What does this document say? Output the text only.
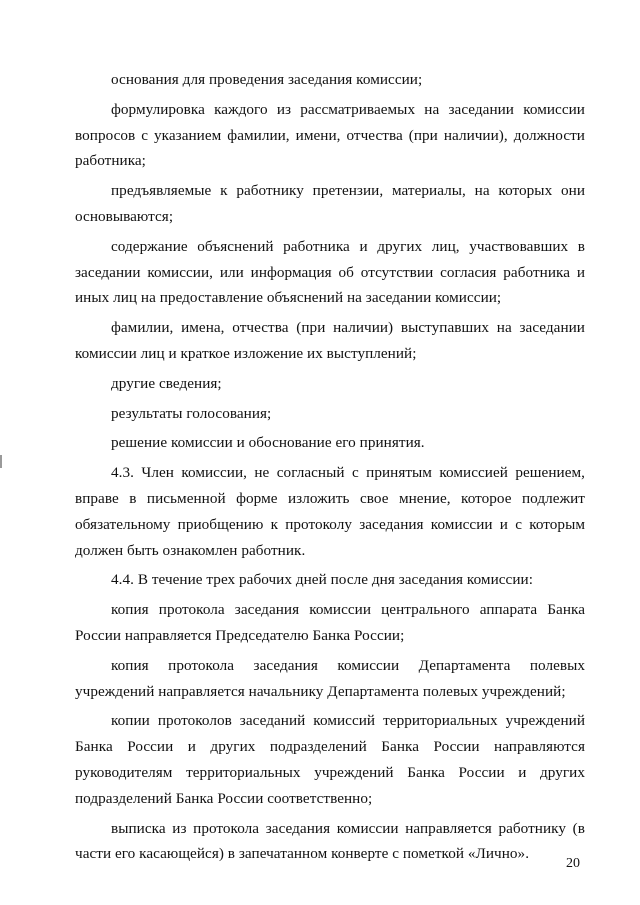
основания для проведения заседания комиссии;

формулировка каждого из рассматриваемых на заседании комиссии вопросов с указанием фамилии, имени, отчества (при наличии), должности работника;

предъявляемые к работнику претензии, материалы, на которых они основываются;

содержание объяснений работника и других лиц, участвовавших в заседании комиссии, или информация об отсутствии согласия работника и иных лиц на предоставление объяснений на заседании комиссии;

фамилии, имена, отчества (при наличии) выступавших на заседании комиссии лиц и краткое изложение их выступлений;

другие сведения;

результаты голосования;

решение комиссии и обоснование его принятия.

4.3. Член комиссии, не согласный с принятым комиссией решением, вправе в письменной форме изложить свое мнение, которое подлежит обязательному приобщению к протоколу заседания комиссии и с которым должен быть ознакомлен работник.

4.4. В течение трех рабочих дней после дня заседания комиссии:

копия протокола заседания комиссии центрального аппарата Банка России направляется Председателю Банка России;

копия протокола заседания комиссии Департамента полевых учреждений направляется начальнику Департамента полевых учреждений;

копии протоколов заседаний комиссий территориальных учреждений Банка России и других подразделений Банка России направляются руководителям территориальных учреждений Банка России и других подразделений Банка России соответственно;

выписка из протокола заседания комиссии направляется работнику (в части его касающейся) в запечатанном конверте с пометкой «Лично».

20
